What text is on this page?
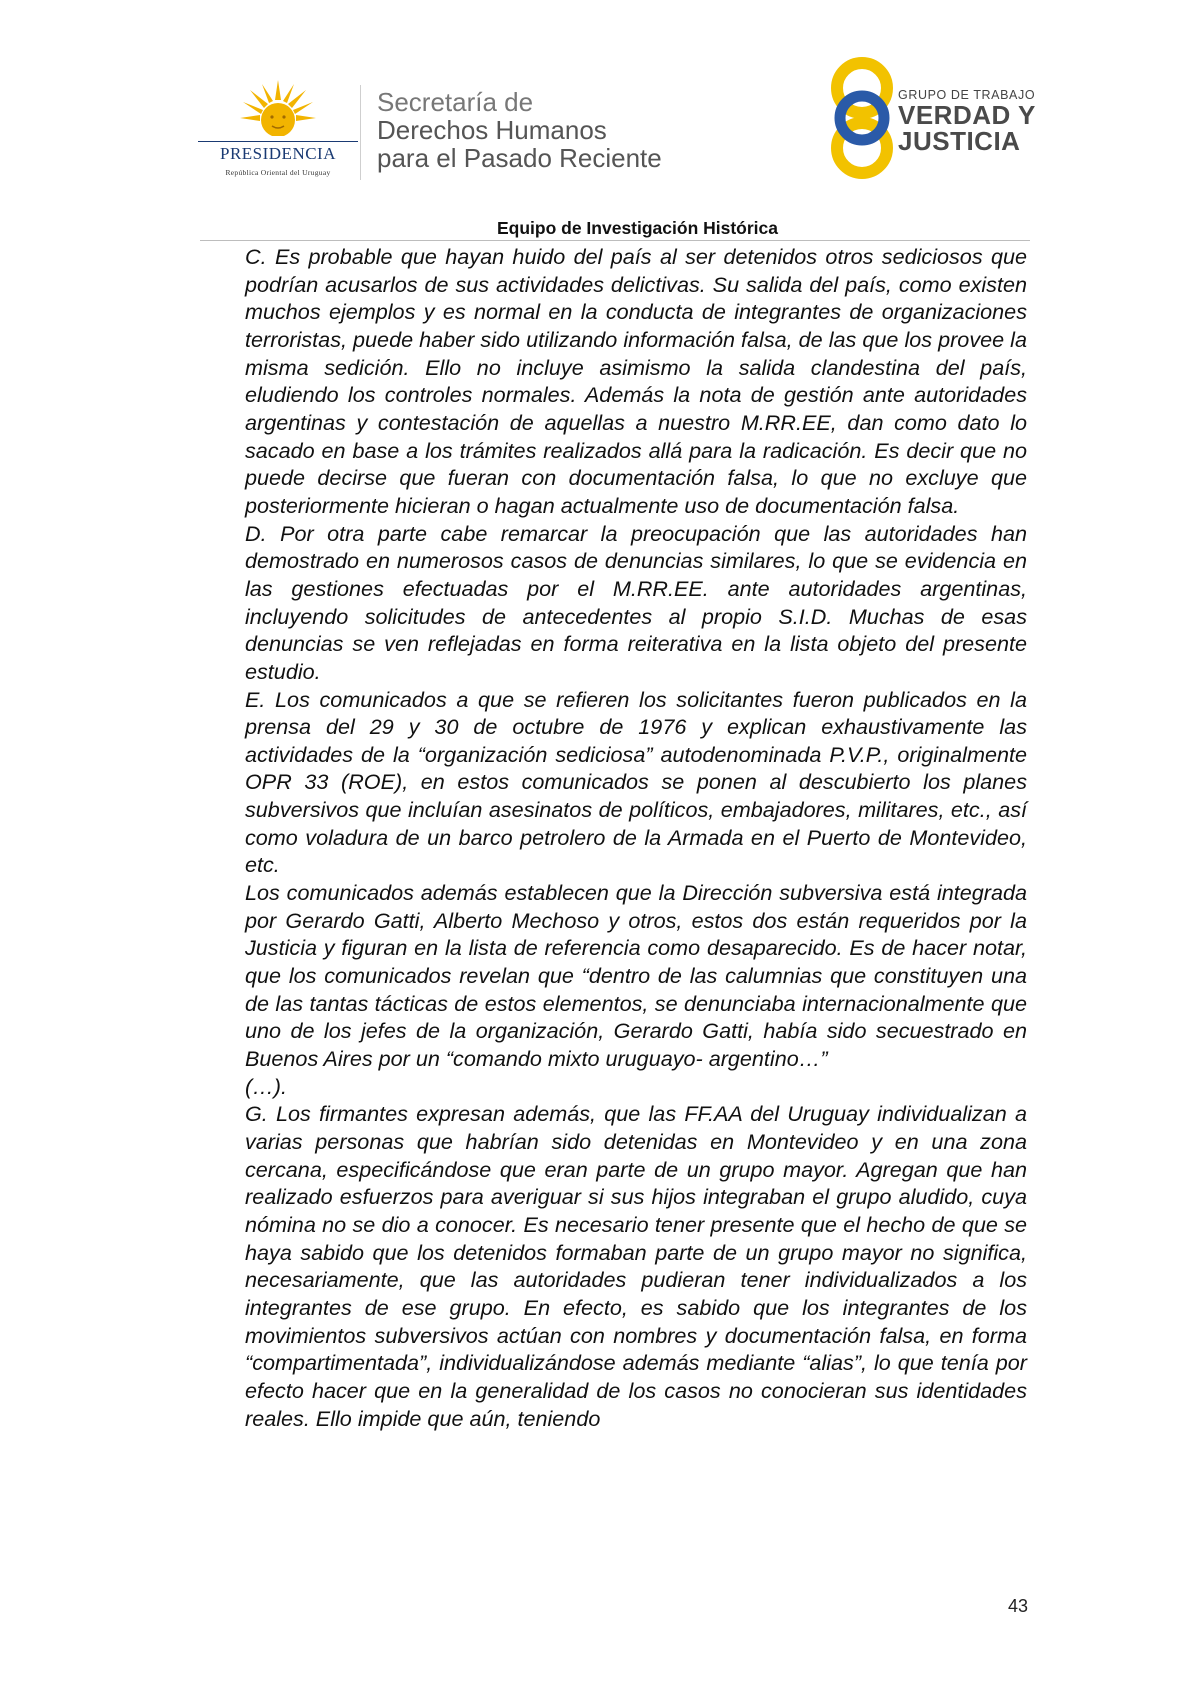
PRESIDENCIA
República Oriental del Uruguay
Secretaría de
Derechos Humanos
para el Pasado Reciente
GRUPO DE TRABAJO
VERDAD Y
JUSTICIA
Equipo de Investigación Histórica

C. Es probable que hayan huido del país al ser detenidos otros sediciosos que podrían acusarlos de sus actividades delictivas. Su salida del país, como existen muchos ejemplos y es normal en la conducta de integrantes de organizaciones terroristas, puede haber sido utilizando información falsa, de las que los provee la misma sedición. Ello no incluye asimismo la salida clandestina del país, eludiendo los controles normales. Además la nota de gestión ante autoridades argentinas y contestación de aquellas a nuestro M.RR.EE, dan como dato lo sacado en base a los trámites realizados allá para la radicación. Es decir que no puede decirse que fueran con documentación falsa, lo que no excluye que posteriormente hicieran o hagan actualmente uso de documentación falsa.

D. Por otra parte cabe remarcar la preocupación que las autoridades han demostrado en numerosos casos de denuncias similares, lo que se evidencia en las gestiones efectuadas por el M.RR.EE. ante autoridades argentinas, incluyendo solicitudes de antecedentes al propio S.I.D. Muchas de esas denuncias se ven reflejadas en forma reiterativa en la lista objeto del presente estudio.

E. Los comunicados a que se refieren los solicitantes fueron publicados en la prensa del 29 y 30 de octubre de 1976 y explican exhaustivamente las actividades de la “organización sediciosa” autodenominada P.V.P., originalmente OPR 33 (ROE), en estos comunicados se ponen al descubierto los planes subversivos que incluían asesinatos de políticos, embajadores, militares, etc., así como voladura de un barco petrolero de la Armada en el Puerto de Montevideo, etc.

Los comunicados además establecen que la Dirección subversiva está integrada por Gerardo Gatti, Alberto Mechoso y otros, estos dos están requeridos por la Justicia y figuran en la lista de referencia como desaparecido. Es de hacer notar, que los comunicados revelan que “dentro de las calumnias que constituyen una de las tantas tácticas de estos elementos, se denunciaba internacionalmente que uno de los jefes de la organización, Gerardo Gatti, había sido secuestrado en Buenos Aires por un “comando mixto uruguayo- argentino…”

(…).

G. Los firmantes expresan además, que las FF.AA del Uruguay individualizan a varias personas que habrían sido detenidas en Montevideo y en una zona cercana, especificándose que eran parte de un grupo mayor. Agregan que han realizado esfuerzos para averiguar si sus hijos integraban el grupo aludido, cuya nómina no se dio a conocer. Es necesario tener presente que el hecho de que se haya sabido que los detenidos formaban parte de un grupo mayor no significa, necesariamente, que las autoridades pudieran tener individualizados a los integrantes de ese grupo. En efecto, es sabido que los integrantes de los movimientos subversivos actúan con nombres y documentación falsa, en forma “compartimentada”, individualizándose además mediante “alias”, lo que tenía por efecto hacer que en la generalidad de los casos no conocieran sus identidades reales. Ello impide que aún, teniendo

43
